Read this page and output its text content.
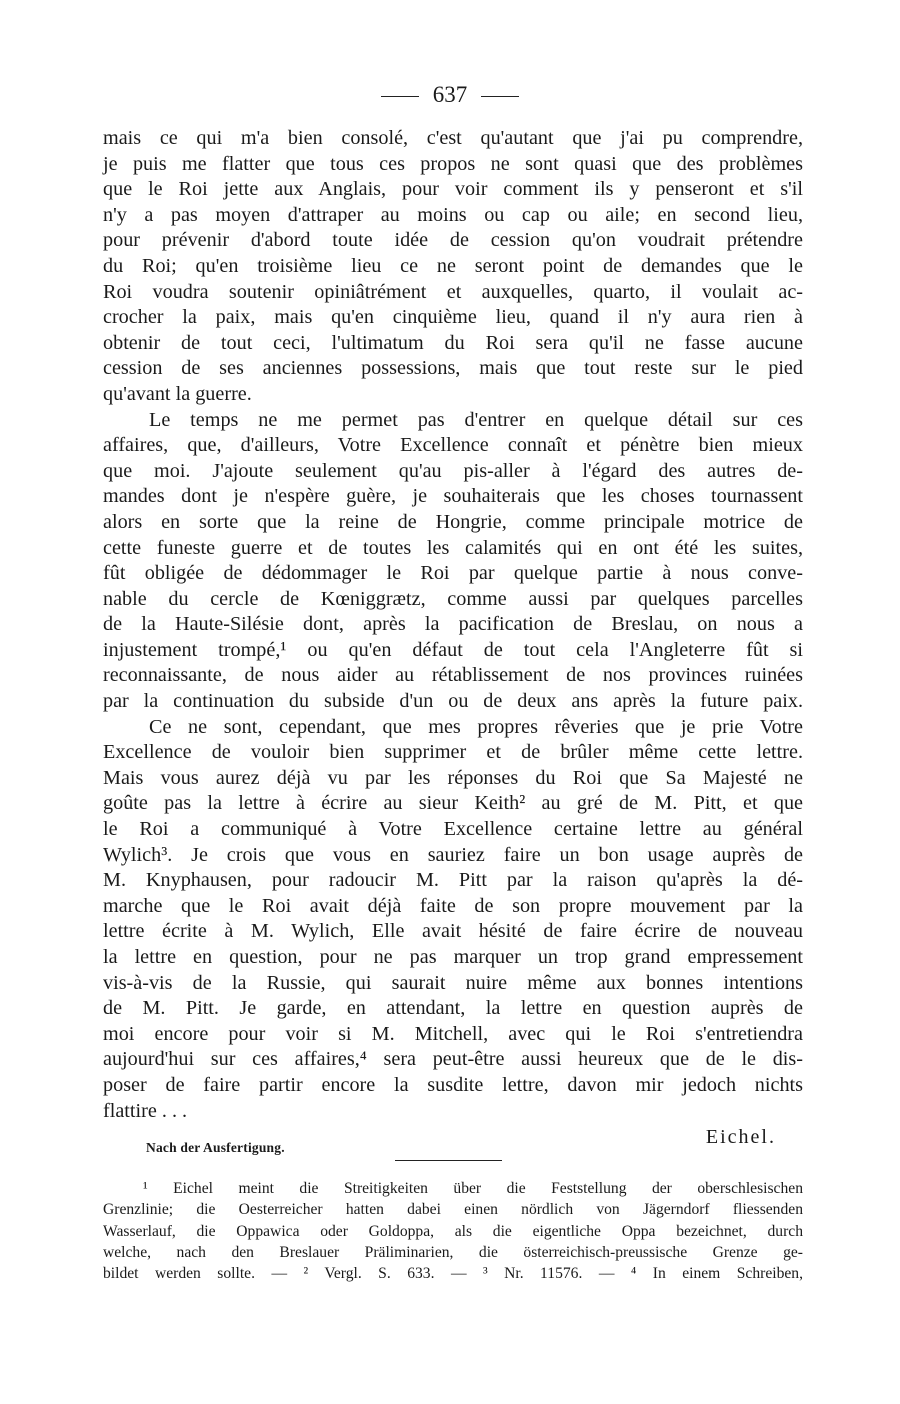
637
mais ce qui m'a bien consolé, c'est qu'autant que j'ai pu comprendre,
je puis me flatter que tous ces propos ne sont quasi que des problèmes
que le Roi jette aux Anglais, pour voir comment ils y penseront et s'il
n'y a pas moyen d'attraper au moins ou cap ou aile; en second lieu,
pour prévenir d'abord toute idée de cession qu'on voudrait prétendre
du Roi; qu'en troisième lieu ce ne seront point de demandes que le
Roi voudra soutenir opiniâtrément et auxquelles, quarto, il voulait ac-
crocher la paix, mais qu'en cinquième lieu, quand il n'y aura rien à
obtenir de tout ceci, l'ultimatum du Roi sera qu'il ne fasse aucune
cession de ses anciennes possessions, mais que tout reste sur le pied
qu'avant la guerre.
Le temps ne me permet pas d'entrer en quelque détail sur ces
affaires, que, d'ailleurs, Votre Excellence connaît et pénètre bien mieux
que moi. J'ajoute seulement qu'au pis-aller à l'égard des autres de-
mandes dont je n'espère guère, je souhaiterais que les choses tournassent
alors en sorte que la reine de Hongrie, comme principale motrice de
cette funeste guerre et de toutes les calamités qui en ont été les suites,
fût obligée de dédommager le Roi par quelque partie à nous conve-
nable du cercle de Kœniggrætz, comme aussi par quelques parcelles
de la Haute-Silésie dont, après la pacification de Breslau, on nous a
injustement trompé,¹ ou qu'en défaut de tout cela l'Angleterre fût si
reconnaissante, de nous aider au rétablissement de nos provinces ruinées
par la continuation du subside d'un ou de deux ans après la future paix.
Ce ne sont, cependant, que mes propres rêveries que je prie Votre
Excellence de vouloir bien supprimer et de brûler même cette lettre.
Mais vous aurez déjà vu par les réponses du Roi que Sa Majesté ne
goûte pas la lettre à écrire au sieur Keith² au gré de M. Pitt, et que
le Roi a communiqué à Votre Excellence certaine lettre au général
Wylich³. Je crois que vous en sauriez faire un bon usage auprès de
M. Knyphausen, pour radoucir M. Pitt par la raison qu'après la dé-
marche que le Roi avait déjà faite de son propre mouvement par la
lettre écrite à M. Wylich, Elle avait hésité de faire écrire de nouveau
la lettre en question, pour ne pas marquer un trop grand empressement
vis-à-vis de la Russie, qui saurait nuire même aux bonnes intentions
de M. Pitt. Je garde, en attendant, la lettre en question auprès de
moi encore pour voir si M. Mitchell, avec qui le Roi s'entretiendra
aujourd'hui sur ces affaires,⁴ sera peut-être aussi heureux que de le dis-
poser de faire partir encore la susdite lettre, davon mir jedoch nichts
flattire . . .
Nach der Ausfertigung.	Eichel.
¹ Eichel meint die Streitigkeiten über die Feststellung der oberschlesischen
Grenzlinie; die Oesterreicher hatten dabei einen nördlich von Jägerndorf fliessenden
Wasserlauf, die Oppawica oder Goldoppa, als die eigentliche Oppa bezeichnet, durch
welche, nach den Breslauer Präliminarien, die österreichisch-preussische Grenze ge-
bildet werden sollte. — ² Vergl. S. 633. — ³ Nr. 11576. — ⁴ In einem Schreiben,
